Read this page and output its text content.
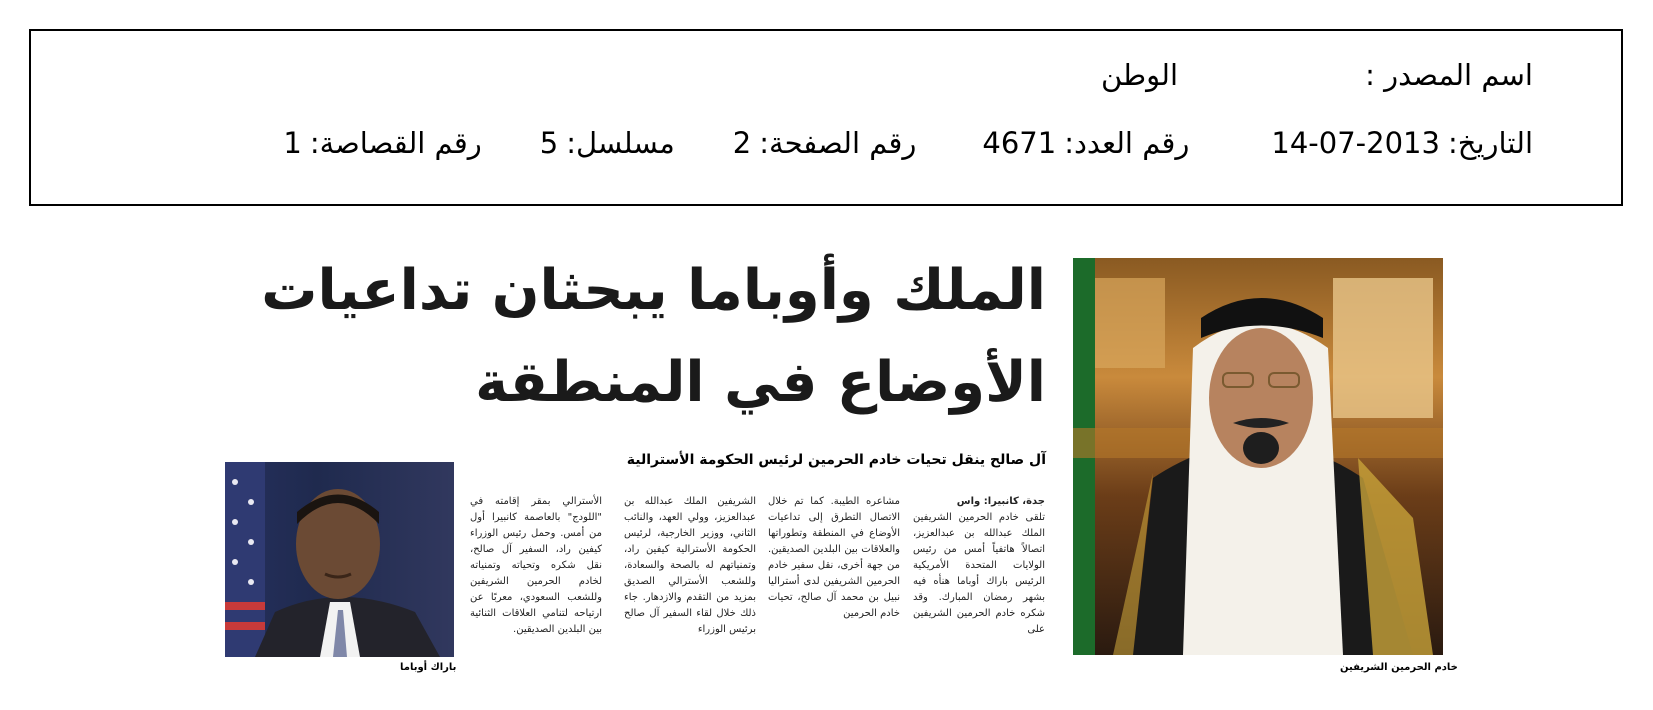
اسم المصدر :
الوطن
التاريخ:2013-07-14رقم العدد:4671رقم الصفحة:2مسلسل:5رقم القصاصة:1
خادم الحرمين الشريفين
الملك وأوباما يبحثان تداعيات
الأوضاع في المنطقة
آل صالح ينقل تحيات خادم الحرمين لرئيس الحكومة الأسترالية
جدة، كانبيرا: واس
تلقى خادم الحرمين الشريفين الملك عبدالله بن عبدالعزيز، اتصالاً هاتفياً أمس من رئيس الولايات المتحدة الأمريكية الرئيس باراك أوباما هنأه فيه بشهر رمضان المبارك. وقد شكره خادم الحرمين الشريفين على
مشاعره الطيبة. كما تم خلال الاتصال التطرق إلى تداعيات الأوضاع في المنطقة وتطوراتها والعلاقات بين البلدين الصديقين. من جهة أخرى، نقل سفير خادم الحرمين الشريفين لدى أستراليا نبيل بن محمد آل صالح، تحيات خادم الحرمين
الشريفين الملك عبدالله بن عبدالعزيز، وولي العهد، والنائب الثاني، ووزير الخارجية، لرئيس الحكومة الأسترالية كيفين راد، وتمنياتهم له بالصحة والسعادة، وللشعب الأسترالي الصديق بمزيد من التقدم والازدهار. جاء ذلك خلال لقاء السفير آل صالح برئيس الوزراء
الأسترالي بمقر إقامته في "اللودج" بالعاصمة كانبيرا أول من أمس. وحمل رئيس الوزراء كيفين راد، السفير آل صالح، نقل شكره وتحياته وتمنياته لخادم الحرمين الشريفين وللشعب السعودي، معربًا عن ارتياحه لتنامي العلاقات الثنائية بين البلدين الصديقين.
باراك أوباما
